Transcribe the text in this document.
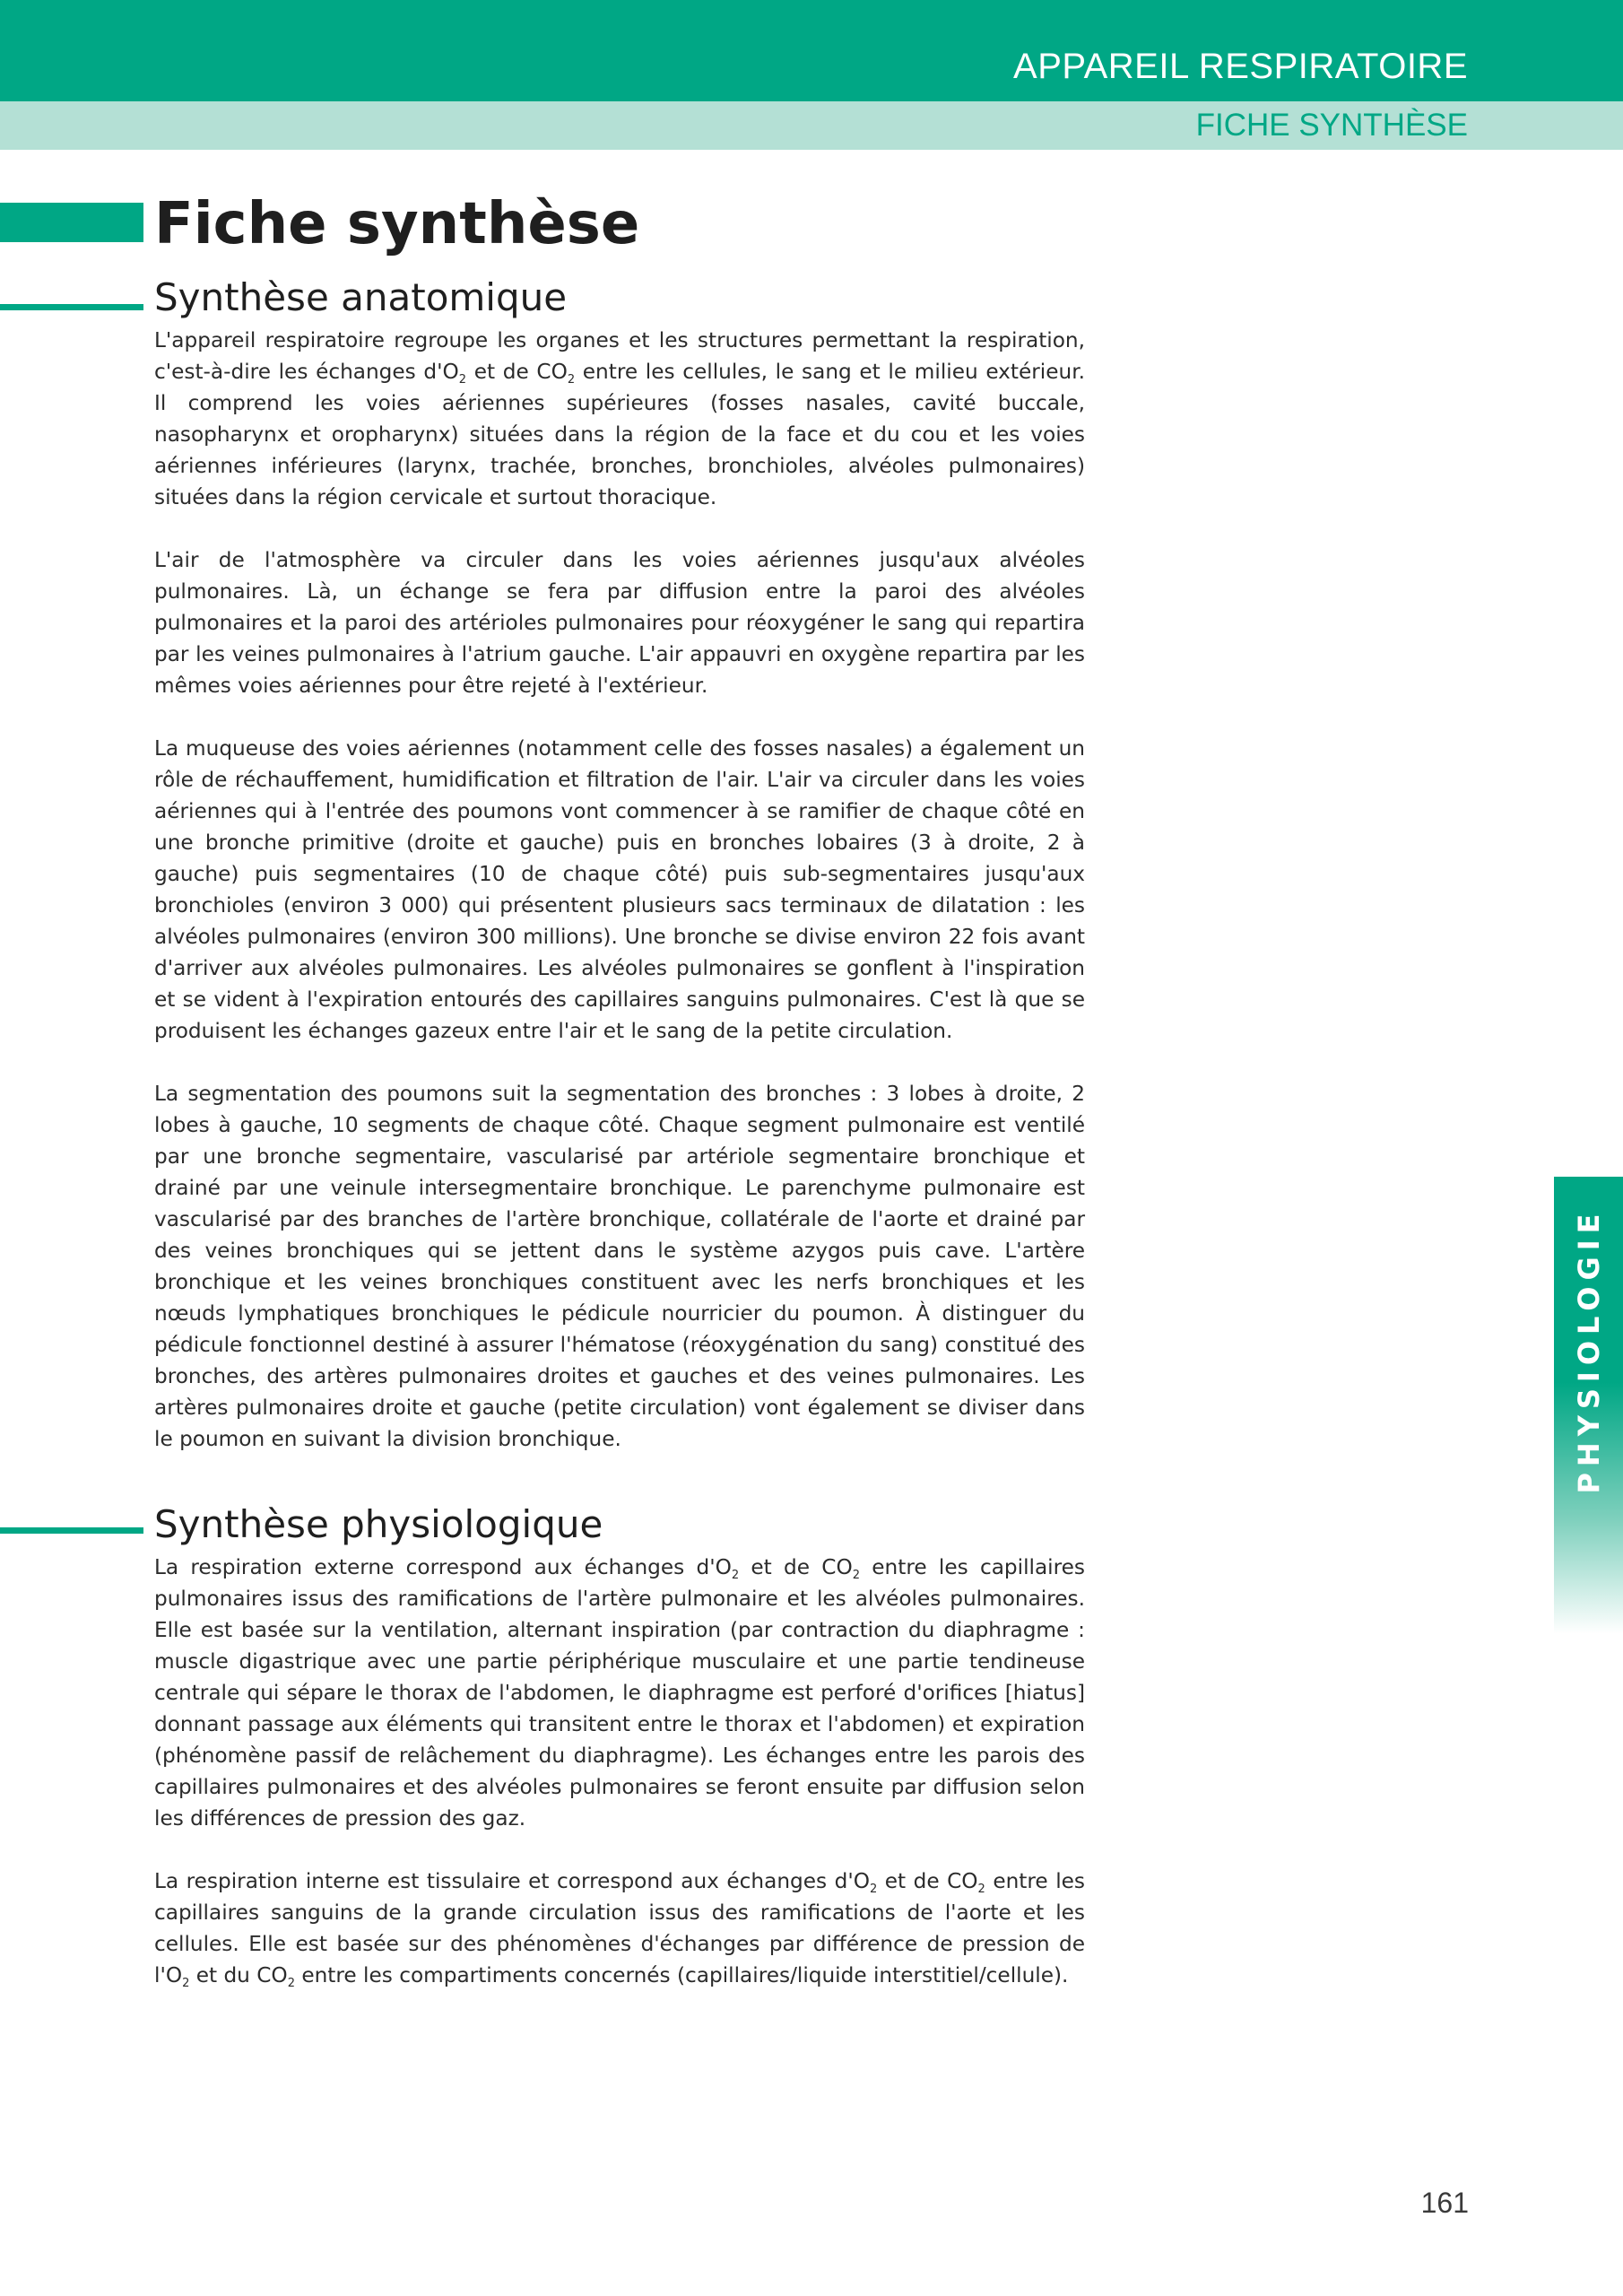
APPAREIL RESPIRATOIRE
FICHE SYNTHÈSE
Fiche synthèse
Synthèse anatomique

L'appareil respiratoire regroupe les organes et les structures permettant la respiration, c'est-à-dire les échanges $d'O_2$ et de $CO_2$ entre les cellules, le sang et le milieu extérieur. Il comprend les voies aériennes supérieures (fosses nasales, cavité buccale, nasopharynx et oropharynx) situées dans la région de la face et du cou et les voies aériennes inférieures (larynx, trachée, bronches, bronchioles, alvéoles pulmonaires) situées dans la région cervicale et surtout thoracique.

L'air de l'atmosphère va circuler dans les voies aériennes jusqu'aux alvéoles pulmonaires. Là, un échange se fera par diffusion entre la paroi des alvéoles pulmonaires et la paroi des artérioles pulmonaires pour réoxygéner le sang qui repartira par les veines pulmonaires à l'atrium gauche. L'air appauvri en oxygène repartira par les mêmes voies aériennes pour être rejeté à l'extérieur.

La muqueuse des voies aériennes (notamment celle des fosses nasales) a également un rôle de réchauffement, humidification et filtration de l'air. L'air va circuler dans les voies aériennes qui à l'entrée des poumons vont commencer à se ramifier de chaque côté en une bronche primitive (droite et gauche) puis en bronches lobaires (3 à droite, 2 à gauche) puis segmentaires (10 de chaque côté) puis sub-segmentaires jusqu'aux bronchioles (environ 3 000) qui présentent plusieurs sacs terminaux de dilatation : les alvéoles pulmonaires (environ 300 millions). Une bronche se divise environ 22 fois avant d'arriver aux alvéoles pulmonaires. Les alvéoles pulmonaires se gonflent à l'inspiration et se vident à l'expiration entourés des capillaires sanguins pulmonaires. C'est là que se produisent les échanges gazeux entre l'air et le sang de la petite circulation.

La segmentation des poumons suit la segmentation des bronches : 3 lobes à droite, 2 lobes à gauche, 10 segments de chaque côté. Chaque segment pulmonaire est ventilé par une bronche segmentaire, vascularisé par artériole segmentaire bronchique et drainé par une veinule intersegmentaire bronchique. Le parenchyme pulmonaire est vascularisé par des branches de l'artère bronchique, collatérale de l'aorte et drainé par des veines bronchiques qui se jettent dans le système azygos puis cave. L'artère bronchique et les veines bronchiques constituent avec les nerfs bronchiques et les nœuds lymphatiques bronchiques le pédicule nourricier du poumon. À distinguer du pédicule fonctionnel destiné à assurer l'hématose (réoxygénation du sang) constitué des bronches, des artères pulmonaires droites et gauches et des veines pulmonaires. Les artères pulmonaires droite et gauche (petite circulation) vont également se diviser dans le poumon en suivant la division bronchique.

Synthèse physiologique

La respiration externe correspond aux échanges $d'O_2$ et de $CO_2$ entre les capillaires pulmonaires issus des ramifications de l'artère pulmonaire et les alvéoles pulmonaires. Elle est basée sur la ventilation, alternant inspiration (par contraction du diaphragme : muscle digastrique avec une partie périphérique musculaire et une partie tendineuse centrale qui sépare le thorax de l'abdomen, le diaphragme est perforé d'orifices [hiatus] donnant passage aux éléments qui transitent entre le thorax et l'abdomen) et expiration (phénomène passif de relâchement du diaphragme). Les échanges entre les parois des capillaires pulmonaires et des alvéoles pulmonaires se feront ensuite par diffusion selon les différences de pression des gaz.

La respiration interne est tissulaire et correspond aux échanges $d'O_2$ et de $CO_2$ entre les capillaires sanguins de la grande circulation issus des ramifications de l'aorte et les cellules. Elle est basée sur des phénomènes d'échanges par différence de pression de $l'O_2$ et du $CO_2$ entre les compartiments concernés (capillaires/liquide interstitiel/cellule).

PHYSIOLOGIE
161
